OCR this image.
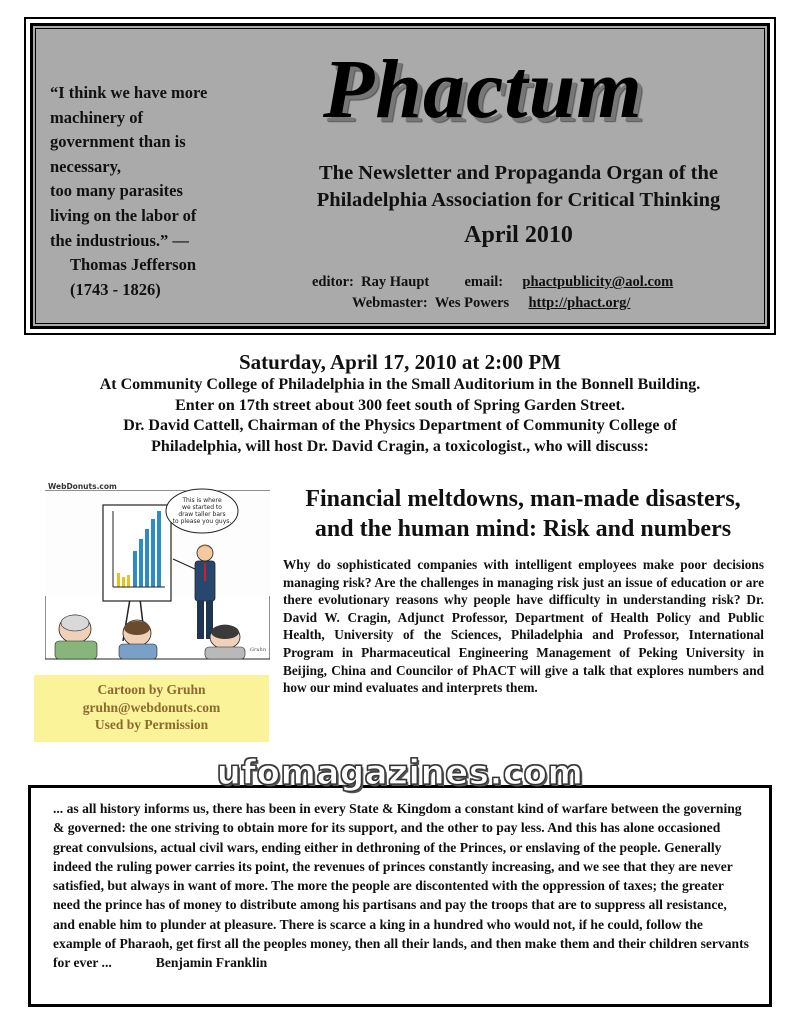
“I think we have more
machinery of
government than is
necessary,
too many parasites
living on the labor of
the industrious.” —
Thomas Jefferson
(1743 - 1826)
Phactum
The Newsletter and Propaganda Organ of the
Philadelphia Association for Critical Thinking
April 2010
editor: Ray Haupt email: phactpublicity@aol.com
Webmaster: Wes Powers http://phact.org/
Saturday, April 17, 2010 at 2:00 PM
At Community College of Philadelphia in the Small Auditorium in the Bonnell Building.
Enter on 17th street about 300 feet south of Spring Garden Street.
Dr. David Cattell, Chairman of the Physics Department of Community College of
Philadelphia, will host Dr. David Cragin, a toxicologist., who will discuss:
WebDonuts.com
This is where
we started to
draw taller bars
to please you guys.
Gruhn
Cartoon by Gruhn
gruhn@webdonuts.com
Used by Permission
Financial meltdowns, man-made disasters,
and the human mind: Risk and numbers
Why do sophisticated companies with intelligent employees make poor decisions managing risk? Are the challenges in managing risk just an issue of education or are there evolutionary reasons why people have difficulty in understanding risk? Dr. David W. Cragin, Adjunct Professor, Department of Health Policy and Public Health, University of the Sciences, Philadelphia and Professor, International Program in Pharmaceutical Engineering Management of Peking University in Beijing, China and Councilor of PhACT will give a talk that explores numbers and how our mind evaluates and interprets them.
ufomagazines.com
... as all history informs us, there has been in every State & Kingdom a constant kind of warfare between the governing & governed: the one striving to obtain more for its support, and the other to pay less. And this has alone occasioned great convulsions, actual civil wars, ending either in dethroning of the Princes, or enslaving of the people. Generally indeed the ruling power carries its point, the revenues of princes constantly increasing, and we see that they are never satisfied, but always in want of more. The more the people are discontented with the oppression of taxes; the greater need the prince has of money to distribute among his partisans and pay the troops that are to suppress all resistance, and enable him to plunder at pleasure. There is scarce a king in a hundred who would not, if he could, follow the example of Pharaoh, get first all the peoples money, then all their lands, and then make them and their children servants for ever ...	Benjamin Franklin
